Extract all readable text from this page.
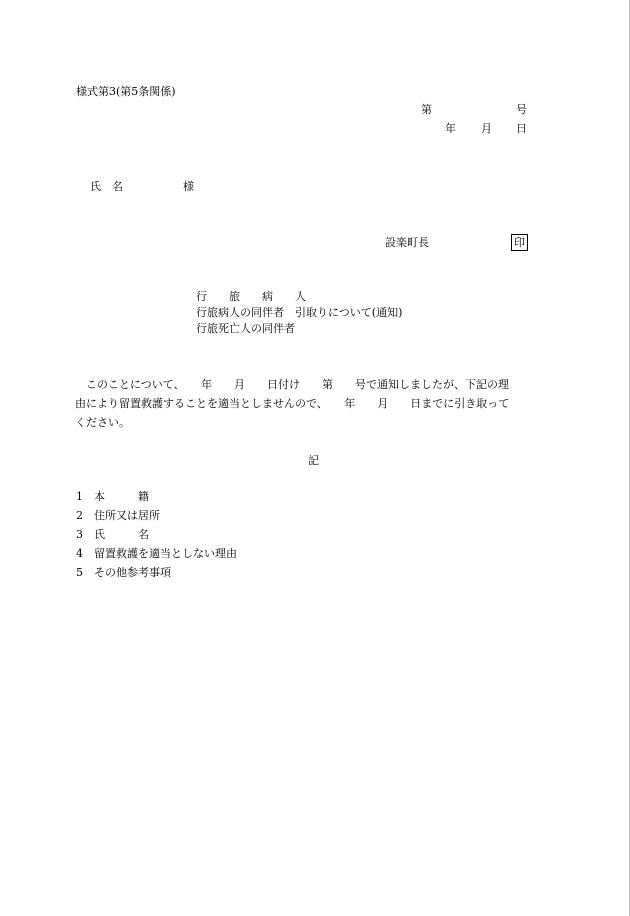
様式第3(第5条関係)
第	号
年 月 日
氏　名	様
設楽町長	印
行　　旅　　病　　人
行旅病人の同伴者　引取りについて(通知)
行旅死亡人の同伴者
　このことについて、　　年　　月　　日付け　　第　　号で通知しましたが、下記の理
由により留置救護することを適当としませんので、　　年　　月　　日までに引き取って
ください。
記
1 本　　　籍
2 住所又は居所
3 氏　　　名
4 留置救護を適当としない理由
5 その他参考事項
